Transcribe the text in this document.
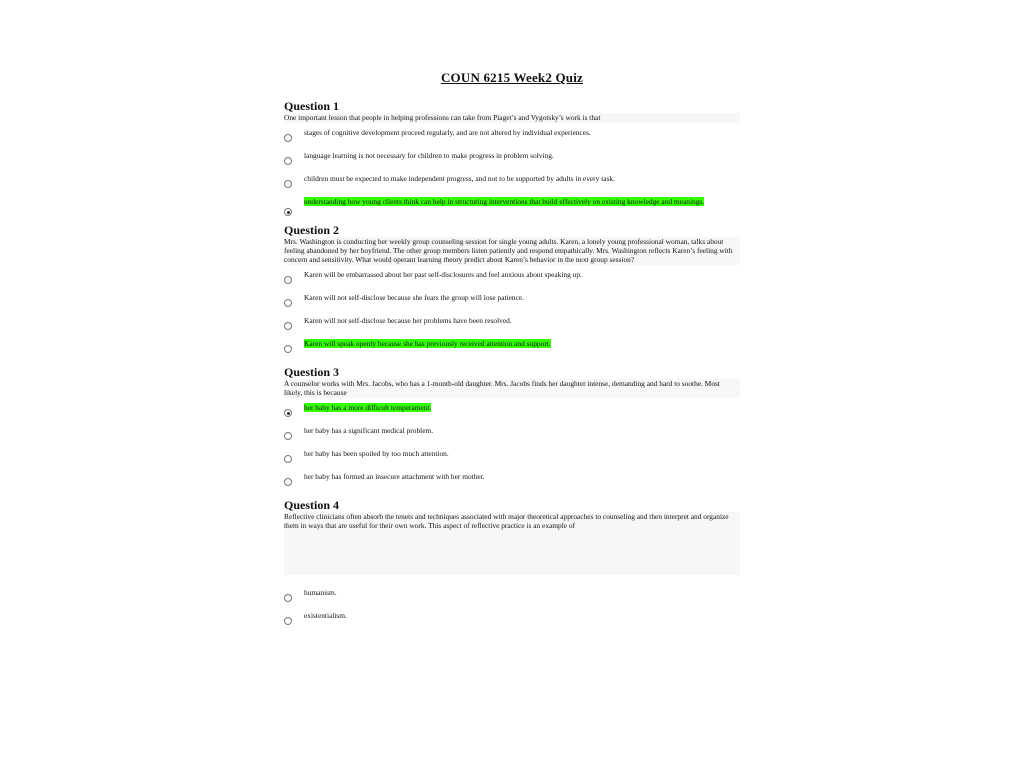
COUN 6215 Week2 Quiz
Question 1
One important lesson that people in helping professions can take from Piaget’s and Vygotsky’s work is that
stages of cognitive development proceed regularly, and are not altered by individual experiences.
language learning is not necessary for children to make progress in problem solving.
children must be expected to make independent progress, and not to be supported by adults in every task.
understanding how young clients think can help in structuring interventions that build effectively on existing knowledge and meanings.
Question 2
Mrs. Washington is conducting her weekly group counseling session for single young adults. Karen, a lonely young professional woman, talks about feeling abandoned by her boyfriend. The other group members listen patiently and respond empathically. Mrs. Washington reflects Karen’s feeling with concern and sensitivity. What would operant learning theory predict about Karen’s behavior in the next group session?
Karen will be embarrassed about her past self-disclosures and feel anxious about speaking up.
Karen will not self-disclose because she fears the group will lose patience.
Karen will not self-disclose because her problems have been resolved.
Karen will speak openly because she has previously received attention and support.
Question 3
A counselor works with Mrs. Jacobs, who has a 1-month-old daughter. Mrs. Jacobs finds her daughter intense, demanding and hard to soothe. Most likely, this is because
her baby has a more difficult temperament.
her baby has a significant medical problem.
her baby has been spoiled by too much attention.
her baby has formed an insecure attachment with her mother.
Question 4
Reflective clinicians often absorb the tenets and techniques associated with major theoretical approaches to counseling and then interpret and organize them in ways that are useful for their own work. This aspect of reflective practice is an example of
humanism.
existentialism.
